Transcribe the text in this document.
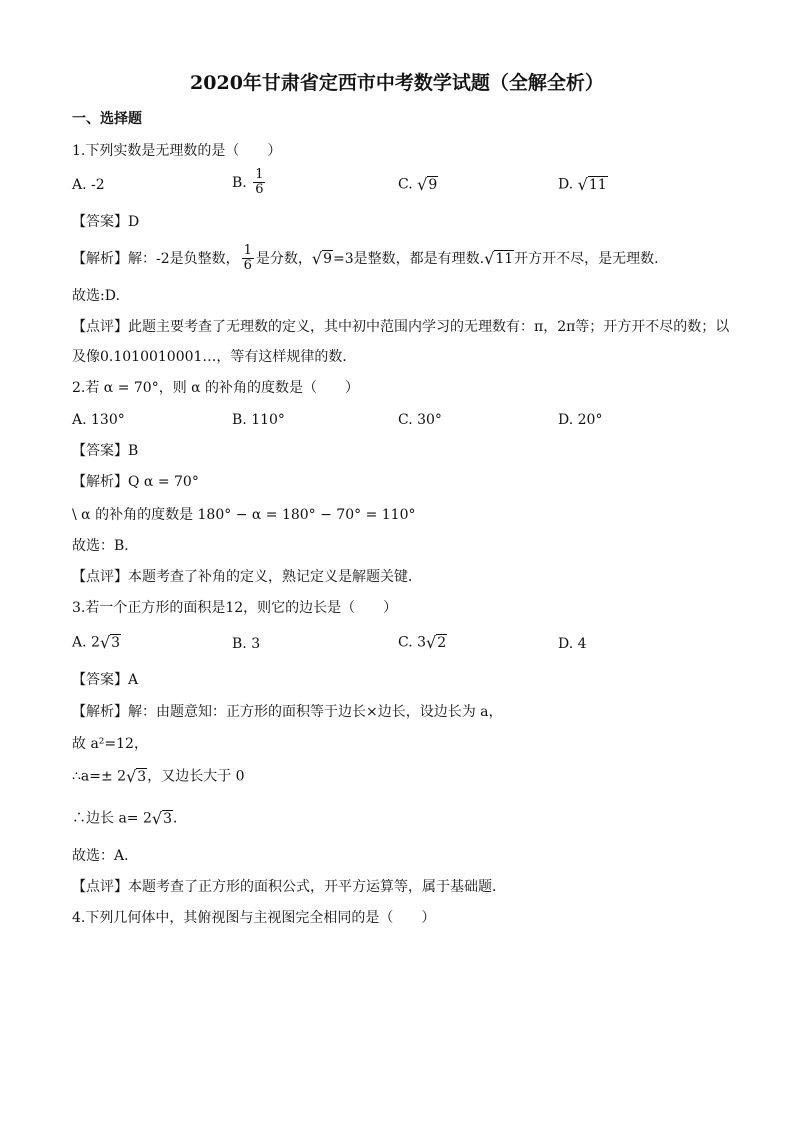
2020年甘肃省定西市中考数学试题（全解全析）
一、选择题
1.下列实数是无理数的是（　　）
A. -2	B. $\frac{1}{6}$	C. √ 9	D. √ 11
【答案】D
【解析】解：-2是负整数， $\frac{1}{6}$ 是分数， √ 9 =3是整数，都是有理数. √ 11 开方开不尽，是无理数.
故选:D.
【点评】此题主要考查了无理数的定义，其中初中范围内学习的无理数有：π，2π等；开方开不尽的数；以
及像0.1010010001…，等有这样规律的数．
2.若 α = 70°，则 α 的补角的度数是（　　）
A. 130°	B. 110°	C. 30°	D. 20°
【答案】B
【解析】Q α = 70°
\ α 的补角的度数是 180° − α = 180° − 70° = 110°
故选：B．
【点评】本题考查了补角的定义，熟记定义是解题关键．
3.若一个正方形的面积是12，则它的边长是（　　）
A. 2 √ 3	B. 3	C. 3 √ 2	D. 4
【答案】A
【解析】解：由题意知：正方形的面积等于边长×边长，设边长为 a，
故 a²=12，
∴a=± 2 √ 3 ，又边长大于 0
∴边长 a= 2 √ 3 ．
故选：A．
【点评】本题考查了正方形的面积公式，开平方运算等，属于基础题．
4.下列几何体中，其俯视图与主视图完全相同的是（　　）
